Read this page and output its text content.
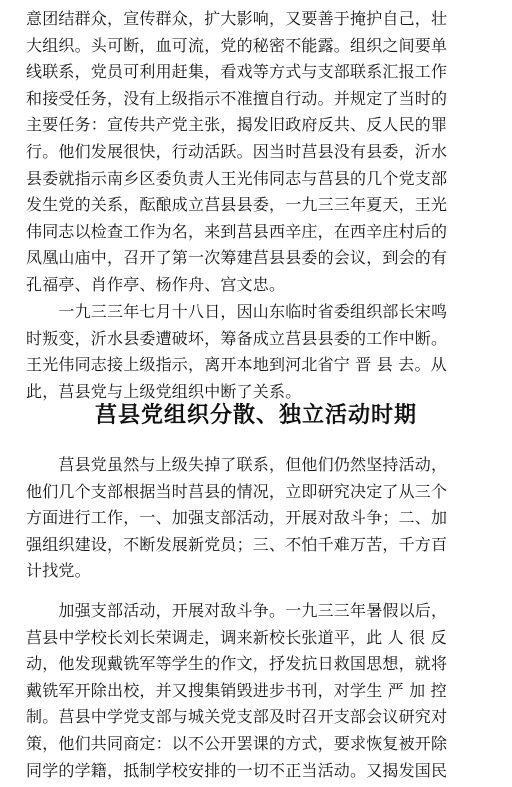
意团结群众，宣传群众，扩大影响，又要善于掩护自己，壮
大组织。头可断，血可流，党的秘密不能露。组织之间要单
线联系，党员可利用赶集，看戏等方式与支部联系汇报工作
和接受任务，没有上级指示不准擅自行动。并规定了当时的
主要任务：宣传共产党主张，揭发旧政府反共、反人民的罪
行。他们发展很快，行动活跃。因当时莒县没有县委，沂水
县委就指示南乡区委负责人王光伟同志与莒县的几个党支部
发生党的关系，酝酿成立莒县县委，一九三三年夏天，王光
伟同志以检查工作为名，来到莒县西辛庄，在西辛庄村后的
凤凰山庙中，召开了第一次筹建莒县县委的会议，到会的有
孔福亭、肖作亭、杨作舟、宫文忠。
　　一九三三年七月十八日，因山东临时省委组织部长宋鸣
时叛变，沂水县委遭破坏，筹备成立莒县县委的工作中断。
王光伟同志接上级指示，离开本地到河北省宁 晋 县 去。从
此，莒县党与上级党组织中断了关系。
莒县党组织分散、独立活动时期
　　莒县党虽然与上级失掉了联系，但他们仍然坚持活动，
他们几个支部根据当时莒县的情况，立即研究决定了从三个
方面进行工作，一、加强支部活动，开展对敌斗争；二、加
强组织建设，不断发展新党员；三、不怕千难万苦，千方百
计找党。
　　加强支部活动，开展对敌斗争。一九三三年暑假以后，
莒县中学校长刘长荣调走，调来新校长张道平，此 人 很 反
动，他发现戴铣军等学生的作文，抒发抗日救国思想，就将
戴铣军开除出校，并又搜集销毁进步书刊，对学生 严 加 控
制。莒县中学党支部与城关党支部及时召开支部会议研究对
策，他们共同商定：以不公开罢课的方式，要求恢复被开除
同学的学籍，抵制学校安排的一切不正当活动。又揭发国民
